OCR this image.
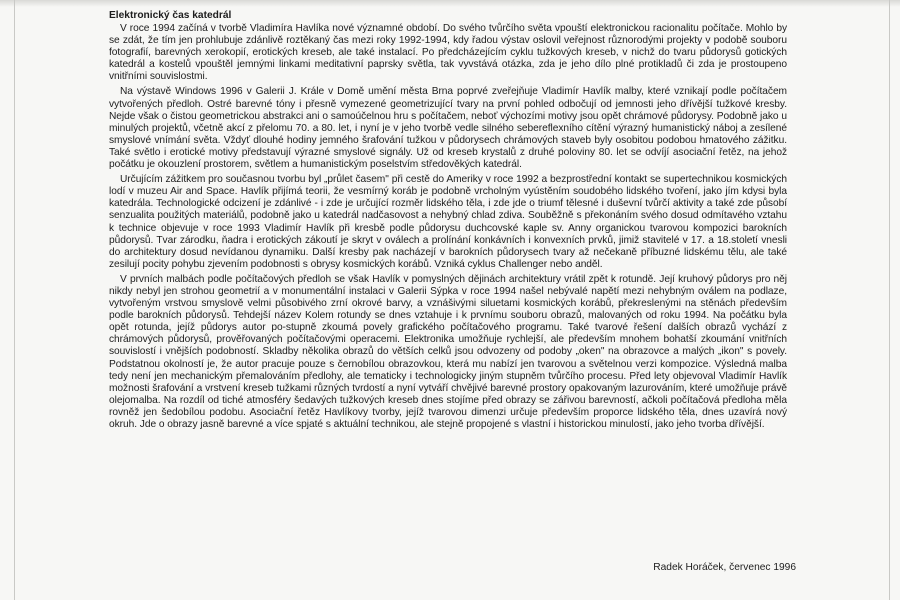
Elektronický čas katedrál

V roce 1994 začíná v tvorbě Vladimíra Havlíka nové významné období. Do svého tvůrčího světa vpouští elektronickou racionalitu počítače. Mohlo by se zdát, že tím jen prohlubuje zdánlivě roztěkaný čas mezi roky 1992-1994, kdy řadou výstav oslovil veřejnost různorodými projekty v podobě souboru fotografií, barevných xerokopií, erotických kreseb, ale také instalací. Po předcházejícím cyklu tužkových kreseb, v nichž do tvaru půdorysů gotických katedrál a kostelů vpouštěl jemnými linkami meditativní paprsky světla, tak vyvstává otázka, zda je jeho dílo plné protikladů či zda je prostoupeno vnitřními souvislostmi.

Na výstavě Windows 1996 v Galerii J. Krále v Domě umění města Brna poprvé zveřejňuje Vladimír Havlík malby, které vznikají podle počítačem vytvořených předloh. Ostré barevné tóny i přesně vymezené geometrizující tvary na první pohled odbočují od jemnosti jeho dřívější tužkové kresby. Nejde však o čistou geometrickou abstrakci ani o samoúčelnou hru s počítačem, neboť výchozími motivy jsou opět chrámové půdorysy. Podobně jako u minulých projektů, včetně akcí z přelomu 70. a 80. let, i nyní je v jeho tvorbě vedle silného sebereflexního cítění výrazný humanistický náboj a zesílené smyslové vnímání světa. Vždyť dlouhé hodiny jemného šrafování tužkou v půdorysech chrámových staveb byly osobitou podobou hmatového zážitku. Také světlo i erotické motivy představují výrazné smyslové signály. Už od kreseb krystalů z druhé poloviny 80. let se odvíjí asociační řetěz, na jehož počátku je okouzlení prostorem, světlem a humanistickým poselstvím středověkých katedrál.

Určujícím zážitkem pro současnou tvorbu byl „průlet časem" při cestě do Ameriky v roce 1992 a bezprostřední kontakt se supertechnikou kosmických lodí v muzeu Air and Space. Havlík přijímá teorii, že vesmírný koráb je podobně vrcholným vyústěním soudobého lidského tvoření, jako jím kdysi byla katedrála. Technologické odcizení je zdánlivé - i zde je určující rozměr lidského těla, i zde jde o triumf tělesné i duševní tvůrčí aktivity a také zde působí senzualita použitých materiálů, podobně jako u katedrál nadčasovost a nehybný chlad zdiva. Souběžně s překonáním svého dosud odmítavého vztahu k technice objevuje v roce 1993 Vladimír Havlík při kresbě podle půdorysu duchcovské kaple sv. Anny organickou tvarovou kompozici barokních půdorysů. Tvar zárodku, ňadra i erotických zákoutí je skryt v oválech a prolínání konkávních i konvexních prvků, jimiž stavitelé v 17. a 18.století vnesli do architektury dosud nevídanou dynamiku. Další kresby pak nacházejí v barokních půdorysech tvary až nečekaně příbuzné lidskému tělu, ale také zesilují pocity pohybu zjevením podobnosti s obrysy kosmických korábů. Vzniká cyklus Challenger nebo anděl.

V prvních malbách podle počítačových předloh se však Havlík v pomyslných dějinách architektury vrátil zpět k rotundě. Její kruhový půdorys pro něj nikdy nebyl jen strohou geometrií a v monumentální instalaci v Galerii Sýpka v roce 1994 našel nebývalé napětí mezi nehybným oválem na podlaze, vytvořeným vrstvou smyslově velmi působivého zrní okrové barvy, a vznášivými siluetami kosmických korábů, překreslenými na stěnách především podle barokních půdorysů. Tehdejší název Kolem rotundy se dnes vztahuje i k prvnímu souboru obrazů, malovaných od roku 1994. Na počátku byla opět rotunda, jejíž půdorys autor po-stupně zkoumá povely grafického počítačového programu. Také tvarové řešení dalších obrazů vychází z chrámových půdorysů, prověřovaných počítačovými operacemi. Elektronika umožňuje rychlejší, ale především mnohem bohatší zkoumání vnitřních souvislostí i vnějších podobností. Skladby několika obrazů do větších celků jsou odvozeny od podoby „oken" na obrazovce a malých „ikon" s povely. Podstatnou okolností je, že autor pracuje pouze s černobílou obrazovkou, která mu nabízí jen tvarovou a světelnou verzi kompozice. Výsledná malba tedy není jen mechanickým přemalováním předlohy, ale tematicky i technologicky jiným stupněm tvůrčího procesu. Před lety objevoval Vladimír Havlík možnosti šrafování a vrstvení kreseb tužkami různých tvrdostí a nyní vytváří chvějivé barevné prostory opakovaným lazurováním, které umožňuje právě olejomalba. Na rozdíl od tiché atmosféry šedavých tužkových kreseb dnes stojíme před obrazy se zářivou barevností, ačkoli počítačová předloha měla rovněž jen šedobílou podobu. Asociační řetěz Havlíkovy tvorby, jejíž tvarovou dimenzi určuje především proporce lidského těla, dnes uzavírá nový okruh. Jde o obrazy jasně barevné a více spjaté s aktuální technikou, ale stejně propojené s vlastní i historickou minulostí, jako jeho tvorba dřívější.

Radek Horáček, červenec 1996
